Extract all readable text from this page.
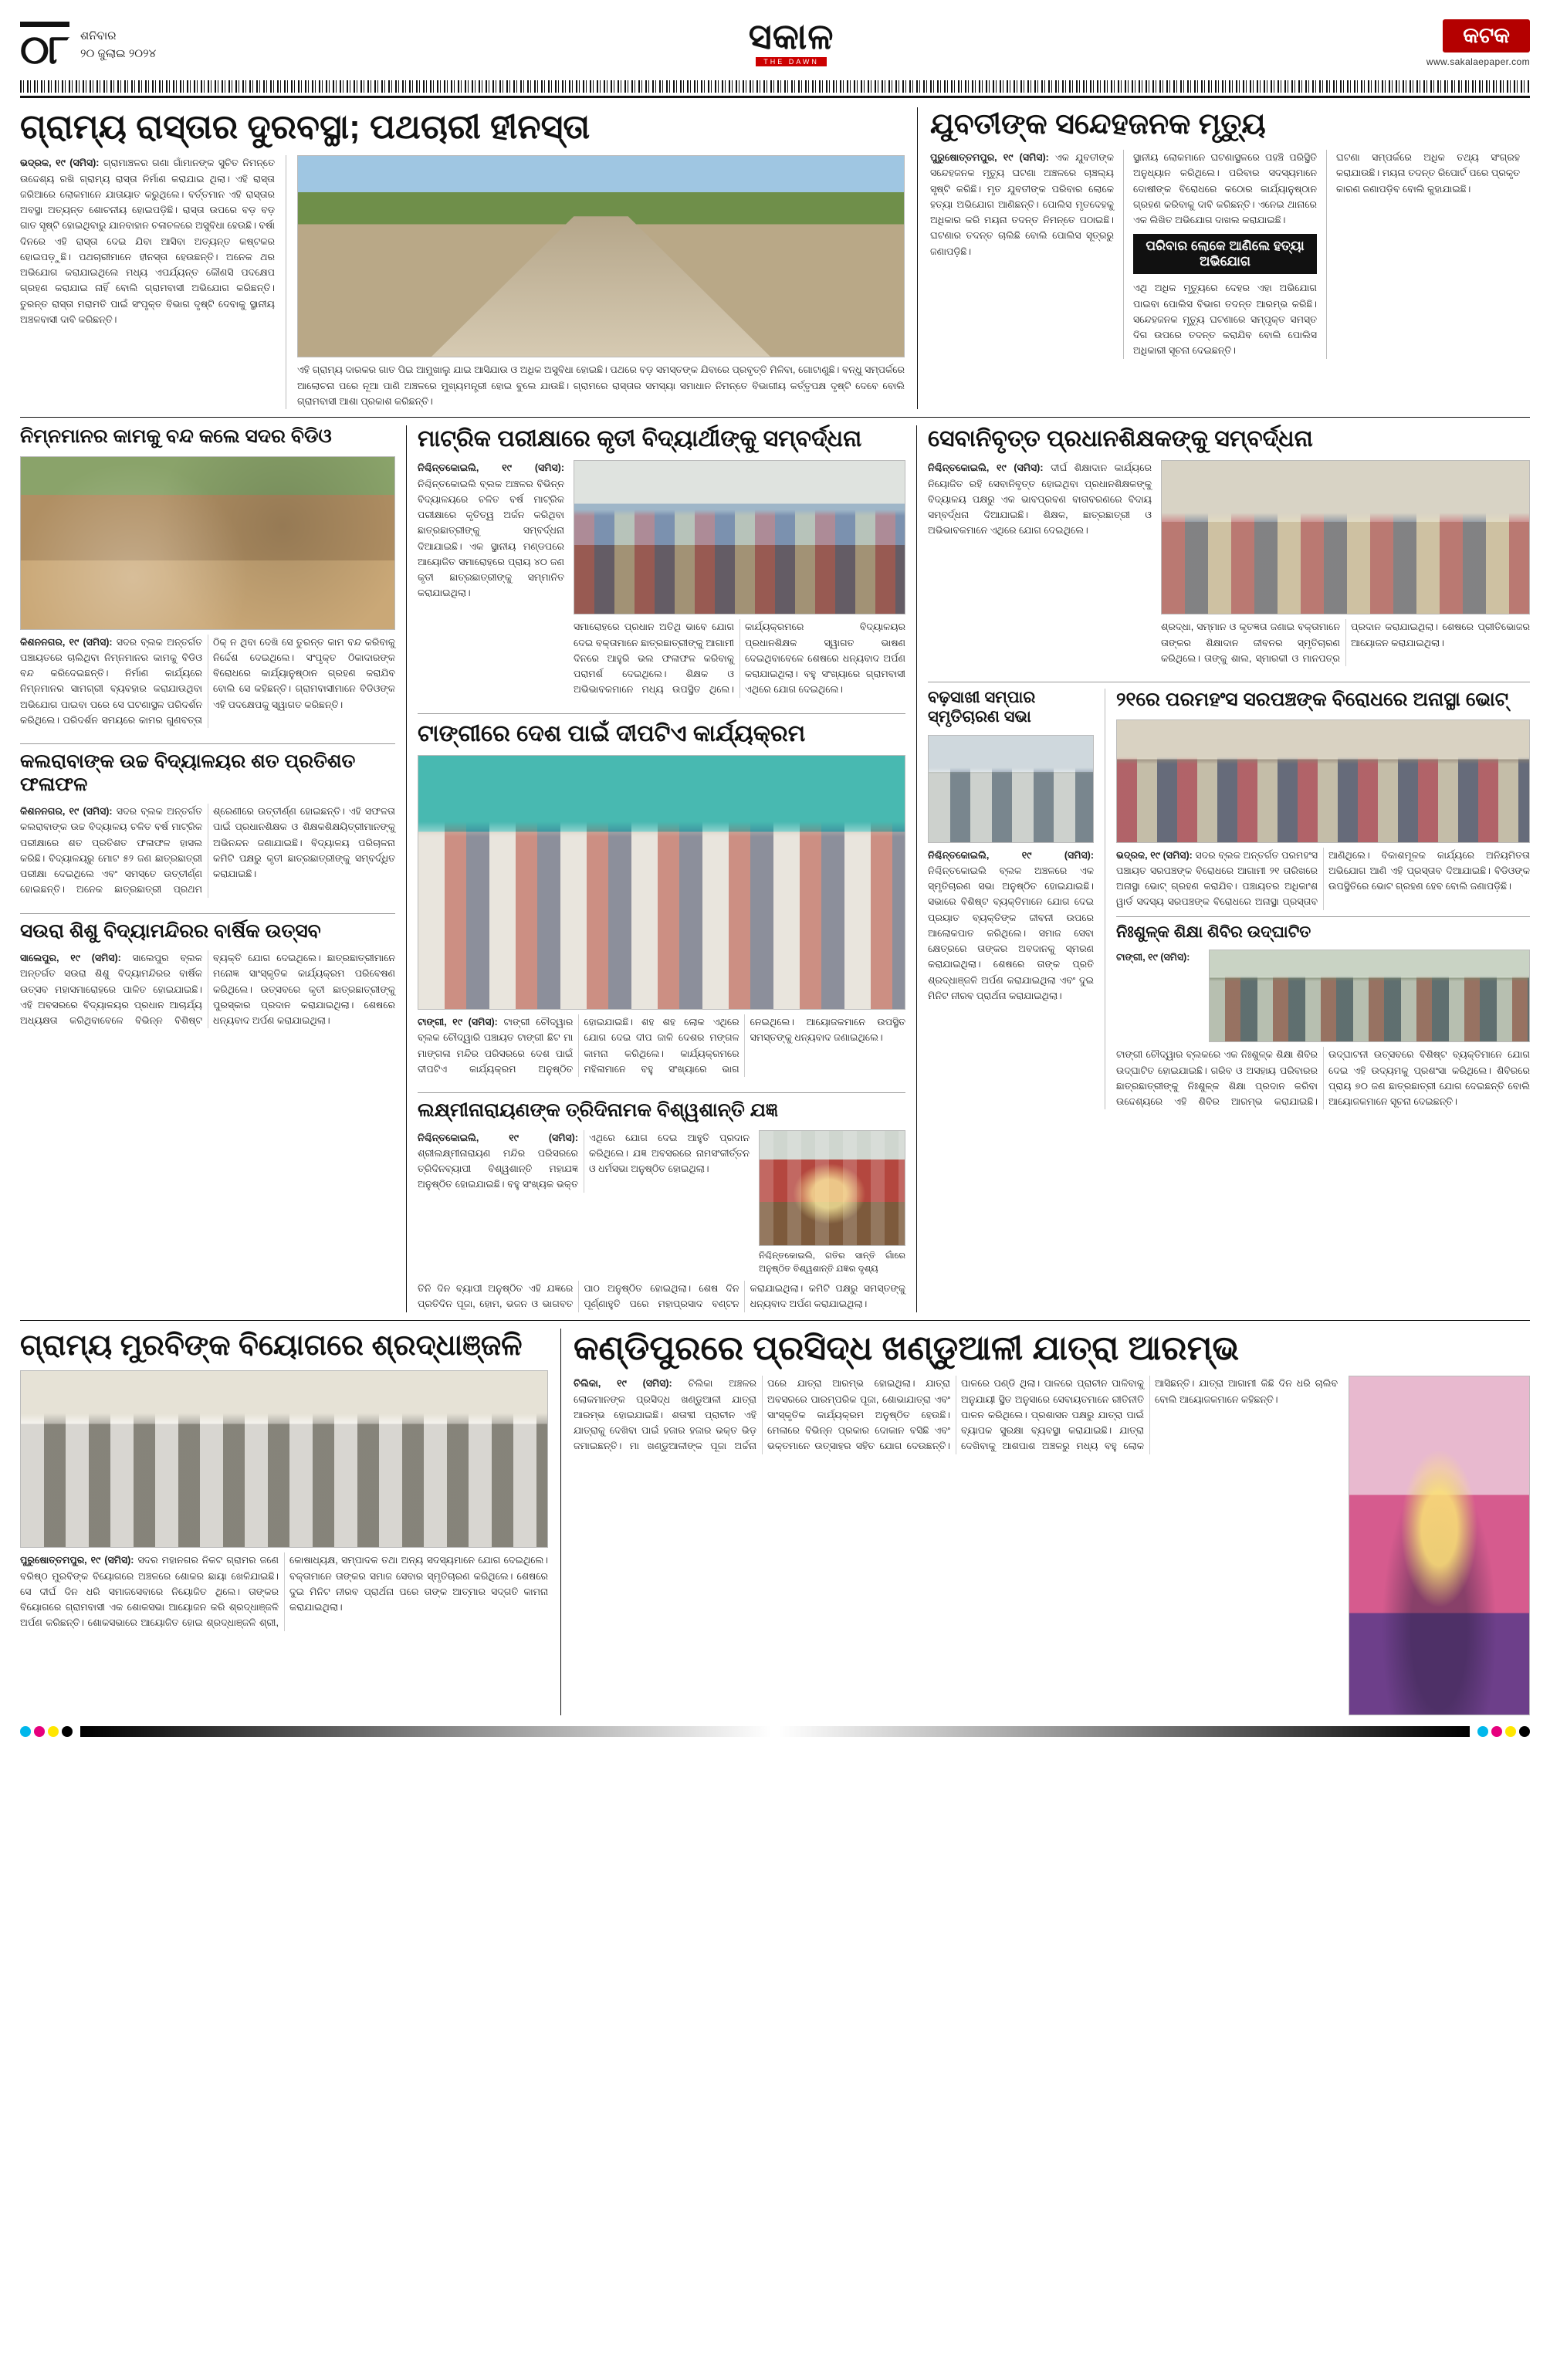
୦୮ ଶନିବାର
୨୦ ଜୁଲାଇ ୨୦୨୪	ସକାଳ
THE DAWN
କଟକ
www.sakalaepaper.com
ଗ୍ରାମ୍ୟ ରାସ୍ତାର ଦୁରବସ୍ଥା; ପଥଚାରୀ ହୀନସ୍ତା
ଭଦ୍ରକ, ୧୯ (ସମିସ): ଗ୍ରାମାଞ୍ଚଳର ଗଣା ଗାଁମାନଙ୍କ ସୁଚିତ ନିମନ୍ତେ ଉଦ୍ଦେଶ୍ୟ ରଖି ଗ୍ରାମ୍ୟ ରାସ୍ତା ନିର୍ମାଣ କରାଯାଇ ଥିଲା। ଏହି ରାସ୍ତା ଜରିଆରେ ଲୋକମାନେ ଯାତାୟାତ କରୁଥିଲେ। ବର୍ତ୍ତମାନ ଏହି ରାସ୍ତାର ଅବସ୍ଥା ଅତ୍ୟନ୍ତ ଶୋଚନୀୟ ହୋଇପଡ଼ିଛି। ରାସ୍ତା ଉପରେ ବଡ଼ ବଡ଼ ଗାତ ସୃଷ୍ଟି ହୋଇଥିବାରୁ ଯାନବାହାନ ଚଳାଚଳରେ ଅସୁବିଧା ହେଉଛି। ବର୍ଷା ଦିନରେ ଏହି ରାସ୍ତା ଦେଇ ଯିବା ଆସିବା ଅତ୍ୟନ୍ତ କଷ୍ଟକର ହୋଇପଡ଼ୁଛି। ପଥଚାରୀମାନେ ହୀନସ୍ତା ହେଉଛନ୍ତି। ଅନେକ ଥର ଅଭିଯୋଗ କରାଯାଇଥିଲେ ମଧ୍ୟ ଏପର୍ଯ୍ୟନ୍ତ କୌଣସି ପଦକ୍ଷେପ ଗ୍ରହଣ କରାଯାଇ ନାହିଁ ବୋଲି ଗ୍ରାମବାସୀ ଅଭିଯୋଗ କରିଛନ୍ତି। ତୁରନ୍ତ ରାସ୍ତା ମରାମତି ପାଇଁ ସଂପୃକ୍ତ ବିଭାଗ ଦୃଷ୍ଟି ଦେବାକୁ ସ୍ଥାନୀୟ ଅଞ୍ଚଳବାସୀ ଦାବି କରିଛନ୍ତି।
ଏହି ଗ୍ରାମ୍ୟ ଦାରକର ଗାତ ପିଇ ଆମୁଖାଲୁ ଯାଇ ଆସିଯାଉ ଓ ଅଧିକ ଅସୁବିଧା ହୋଇଛି। ପଥରେ ବଡ଼ ସମସ୍ତଙ୍କ ଯିବାରେ ପ୍ରବୃତ୍ତି ମିଳିବା, ଗୋଟାଣୁଛି। ବନ୍ଧୁ ସମ୍ପର୍କରେ ଆଲୋଚନା ପରେ ନୂଆ ପାଣି ଅଞ୍ଚଳରେ ମୁଖ୍ୟମନ୍ତ୍ରୀ ହୋଇ ବୁଲେ ଯାଉଛି। ଗ୍ରାମରେ ରାସ୍ତାର ସମସ୍ୟା ସମାଧାନ ନିମନ୍ତେ ବିଭାଗୀୟ କର୍ତ୍ତୃପକ୍ଷ ଦୃଷ୍ଟି ଦେବେ ବୋଲି ଗ୍ରାମବାସୀ ଆଶା ପ୍ରକାଶ କରିଛନ୍ତି।
ଯୁବତୀଙ୍କ ସନ୍ଦେହଜନକ ମୃତ୍ୟୁ
ପୁରୁଷୋତ୍ତମପୁର, ୧୯ (ସମିସ): ଏକ ଯୁବତୀଙ୍କ ସନ୍ଦେହଜନକ ମୃତ୍ୟୁ ଘଟଣା ଅଞ୍ଚଳରେ ଚାଞ୍ଚଲ୍ୟ ସୃଷ୍ଟି କରିଛି। ମୃତ ଯୁବତୀଙ୍କ ପରିବାର ଲୋକେ ହତ୍ୟା ଅଭିଯୋଗ ଆଣିଛନ୍ତି। ପୋଲିସ ମୃତଦେହକୁ ଅଧିକାର କରି ମୟନା ତଦନ୍ତ ନିମନ୍ତେ ପଠାଇଛି। ଘଟଣାର ତଦନ୍ତ ଚାଲିଛି ବୋଲି ପୋଲିସ ସୂତ୍ରରୁ ଜଣାପଡ଼ିଛି।
ସ୍ଥାନୀୟ ଲୋକମାନେ ଘଟଣାସ୍ଥଳରେ ପହଞ୍ଚି ପରିସ୍ଥିତି ଅନୁଧ୍ୟାନ କରିଥିଲେ। ପରିବାର ସଦସ୍ୟମାନେ ଦୋଷୀଙ୍କ ବିରୋଧରେ କଠୋର କାର୍ଯ୍ୟାନୁଷ୍ଠାନ ଗ୍ରହଣ କରିବାକୁ ଦାବି କରିଛନ୍ତି। ଏନେଇ ଥାନାରେ ଏକ ଲିଖିତ ଅଭିଯୋଗ ଦାଖଲ କରାଯାଇଛି।
ପରିବାର ଲୋକେ ଆଣିଲେ ହତ୍ୟା ଅଭିଯୋଗ
ଏଥି ଅଧିକ ମୃତ୍ୟୁରେ ଦେହର ଏହା ଅଭିଯୋଗ ପାଇବା ପୋଲିସ ବିଭାଗ ତଦନ୍ତ ଆରମ୍ଭ କରିଛି। ସନ୍ଦେହଜନକ ମୃତ୍ୟୁ ଘଟଣାରେ ସମ୍ପୃକ୍ତ ସମସ୍ତ ଦିଗ ଉପରେ ତଦନ୍ତ କରାଯିବ ବୋଲି ପୋଲିସ ଅଧିକାରୀ ସୂଚନା ଦେଇଛନ୍ତି।
ଘଟଣା ସମ୍ପର୍କରେ ଅଧିକ ତଥ୍ୟ ସଂଗ୍ରହ କରାଯାଉଛି। ମୟନା ତଦନ୍ତ ରିପୋର୍ଟ ପରେ ପ୍ରକୃତ କାରଣ ଜଣାପଡ଼ିବ ବୋଲି କୁହାଯାଇଛି।
ନିମ୍ନମାନର କାମକୁ ବନ୍ଦ କଲେ ସଦର ବିଡିଓ
କିଶନନଗର, ୧୯ (ସମିସ): ସଦର ବ୍ଲକ ଅନ୍ତର୍ଗତ ପଞ୍ଚାୟତରେ ଚାଲିଥିବା ନିମ୍ନମାନର କାମକୁ ବିଡିଓ ବନ୍ଦ କରିଦେଇଛନ୍ତି। ନିର୍ମାଣ କାର୍ଯ୍ୟରେ ନିମ୍ନମାନର ସାମଗ୍ରୀ ବ୍ୟବହାର କରାଯାଉଥିବା ଅଭିଯୋଗ ପାଇବା ପରେ ସେ ଘଟଣାସ୍ଥଳ ପରିଦର୍ଶନ କରିଥିଲେ। ପରିଦର୍ଶନ ସମୟରେ କାମର ଗୁଣବତ୍ତା ଠିକ୍ ନ ଥିବା ଦେଖି ସେ ତୁରନ୍ତ କାମ ବନ୍ଦ କରିବାକୁ ନିର୍ଦ୍ଦେଶ ଦେଇଥିଲେ। ସଂପୃକ୍ତ ଠିକାଦାରଙ୍କ ବିରୋଧରେ କାର୍ଯ୍ୟାନୁଷ୍ଠାନ ଗ୍ରହଣ କରାଯିବ ବୋଲି ସେ କହିଛନ୍ତି। ଗ୍ରାମବାସୀମାନେ ବିଡିଓଙ୍କ ଏହି ପଦକ୍ଷେପକୁ ସ୍ୱାଗତ କରିଛନ୍ତି।
କଲରାବାଙ୍କ ଉଚ୍ଚ ବିଦ୍ୟାଳୟର ଶତ ପ୍ରତିଶତ ଫଳାଫଳ
କିଶନନଗର, ୧୯ (ସମିସ): ସଦର ବ୍ଲକ ଅନ୍ତର୍ଗତ କଲରାବାଙ୍କ ଉଚ୍ଚ ବିଦ୍ୟାଳୟ ଚଳିତ ବର୍ଷ ମାଟ୍ରିକ ପରୀକ୍ଷାରେ ଶତ ପ୍ରତିଶତ ଫଳାଫଳ ହାସଲ କରିଛି। ବିଦ୍ୟାଳୟରୁ ମୋଟ ୫୨ ଜଣ ଛାତ୍ରଛାତ୍ରୀ ପରୀକ୍ଷା ଦେଇଥିଲେ ଏବଂ ସମସ୍ତେ ଉତ୍ତୀର୍ଣ୍ଣ ହୋଇଛନ୍ତି। ଅନେକ ଛାତ୍ରଛାତ୍ରୀ ପ୍ରଥମ ଶ୍ରେଣୀରେ ଉତ୍ତୀର୍ଣ୍ଣ ହୋଇଛନ୍ତି। ଏହି ସଫଳତା ପାଇଁ ପ୍ରଧାନଶିକ୍ଷକ ଓ ଶିକ୍ଷକଶିକ୍ଷୟିତ୍ରୀମାନଙ୍କୁ ଅଭିନନ୍ଦନ ଜଣାଯାଇଛି। ବିଦ୍ୟାଳୟ ପରିଚାଳନା କମିଟି ପକ୍ଷରୁ କୃତୀ ଛାତ୍ରଛାତ୍ରୀଙ୍କୁ ସମ୍ବର୍ଦ୍ଧିତ କରାଯାଇଛି।
ସଉରା ଶିଶୁ ବିଦ୍ୟାମନ୍ଦିରର ବାର୍ଷିକ ଉତ୍ସବ
ସାଲେପୁର, ୧୯ (ସମିସ): ସାଲେପୁର ବ୍ଲକ ଅନ୍ତର୍ଗତ ସଉରା ଶିଶୁ ବିଦ୍ୟାମନ୍ଦିରର ବାର୍ଷିକ ଉତ୍ସବ ମହାସମାରୋହରେ ପାଳିତ ହୋଇଯାଇଛି। ଏହି ଅବସରରେ ବିଦ୍ୟାଳୟର ପ୍ରଧାନ ଆଚାର୍ଯ୍ୟ ଅଧ୍ୟକ୍ଷତା କରିଥିବାବେଳେ ବିଭିନ୍ନ ବିଶିଷ୍ଟ ବ୍ୟକ୍ତି ଯୋଗ ଦେଇଥିଲେ। ଛାତ୍ରଛାତ୍ରୀମାନେ ମନୋଜ୍ଞ ସାଂସ୍କୃତିକ କାର୍ଯ୍ୟକ୍ରମ ପରିବେଷଣ କରିଥିଲେ। ଉତ୍ସବରେ କୃତୀ ଛାତ୍ରଛାତ୍ରୀଙ୍କୁ ପୁରସ୍କାର ପ୍ରଦାନ କରାଯାଇଥିଲା। ଶେଷରେ ଧନ୍ୟବାଦ ଅର୍ପଣ କରାଯାଇଥିଲା।
ମାଟ୍ରିକ ପରୀକ୍ଷାରେ କୃତୀ ବିଦ୍ୟାର୍ଥୀଙ୍କୁ ସମ୍ବର୍ଦ୍ଧନା
ନିଶ୍ଚିନ୍ତକୋଇଲି, ୧୯ (ସମିସ): ନିଶ୍ଚିନ୍ତକୋଇଲି ବ୍ଲକ ଅଞ୍ଚଳର ବିଭିନ୍ନ ବିଦ୍ୟାଳୟରେ ଚଳିତ ବର୍ଷ ମାଟ୍ରିକ ପରୀକ୍ଷାରେ କୃତିତ୍ୱ ଅର୍ଜନ କରିଥିବା ଛାତ୍ରଛାତ୍ରୀଙ୍କୁ ସମ୍ବର୍ଦ୍ଧନା ଦିଆଯାଇଛି। ଏକ ସ୍ଥାନୀୟ ମଣ୍ଡପରେ ଆୟୋଜିତ ସମାରୋହରେ ପ୍ରାୟ ୪୦ ଜଣ କୃତୀ ଛାତ୍ରଛାତ୍ରୀଙ୍କୁ ସମ୍ମାନିତ କରାଯାଇଥିଲା।
ସମାରୋହରେ ପ୍ରଧାନ ଅତିଥି ଭାବେ ଯୋଗ ଦେଇ ବକ୍ତାମାନେ ଛାତ୍ରଛାତ୍ରୀଙ୍କୁ ଆଗାମୀ ଦିନରେ ଆହୁରି ଭଲ ଫଳାଫଳ କରିବାକୁ ପରାମର୍ଶ ଦେଇଥିଲେ। ଶିକ୍ଷକ ଓ ଅଭିଭାବକମାନେ ମଧ୍ୟ ଉପସ୍ଥିତ ଥିଲେ। କାର୍ଯ୍ୟକ୍ରମରେ ବିଦ୍ୟାଳୟର ପ୍ରଧାନଶିକ୍ଷକ ସ୍ୱାଗତ ଭାଷଣ ଦେଇଥିବାବେଳେ ଶେଷରେ ଧନ୍ୟବାଦ ଅର୍ପଣ କରାଯାଇଥିଲା। ବହୁ ସଂଖ୍ୟାରେ ଗ୍ରାମବାସୀ ଏଥିରେ ଯୋଗ ଦେଇଥିଲେ।
ଟାଙ୍ଗୀରେ ଦେଶ ପାଇଁ ଦୀପଟିଏ କାର୍ଯ୍ୟକ୍ରମ
ଟାଙ୍ଗୀ, ୧୯ (ସମିସ): ଟାଙ୍ଗୀ ଚୌଦ୍ୱାର ବ୍ଲକ ଚୌଦ୍ୱାରି ପଞ୍ଚାୟତ ଟାଙ୍ଗୀ ଛିଟ ମା ମାଙ୍ଗଳା ମନ୍ଦିର ପରିସରରେ ଦେଶ ପାଇଁ ଦୀପଟିଏ କାର୍ଯ୍ୟକ୍ରମ ଅନୁଷ୍ଠିତ ହୋଇଯାଇଛି। ଶହ ଶହ ଲୋକ ଏଥିରେ ଯୋଗ ଦେଇ ଦୀପ ଜାଳି ଦେଶର ମଙ୍ଗଳ କାମନା କରିଥିଲେ। କାର୍ଯ୍ୟକ୍ରମରେ ମହିଳାମାନେ ବହୁ ସଂଖ୍ୟାରେ ଭାଗ ନେଇଥିଲେ। ଆୟୋଜକମାନେ ଉପସ୍ଥିତ ସମସ୍ତଙ୍କୁ ଧନ୍ୟବାଦ ଜଣାଇଥିଲେ।
ଲକ୍ଷ୍ମୀନାରାୟଣଙ୍କ ତ୍ରିଦିନାମକ ବିଶ୍ୱଶାନ୍ତି ଯଜ୍ଞ
ନିଶ୍ଚିନ୍ତକୋଇଲି, ୧୯ (ସମିସ): ଶ୍ରୀଲକ୍ଷ୍ମୀନାରାୟଣ ମନ୍ଦିର ପରିସରରେ ତ୍ରିଦିନବ୍ୟାପୀ ବିଶ୍ୱଶାନ୍ତି ମହାଯଜ୍ଞ ଅନୁଷ୍ଠିତ ହୋଇଯାଇଛି। ବହୁ ସଂଖ୍ୟକ ଭକ୍ତ ଏଥିରେ ଯୋଗ ଦେଇ ଆହୁତି ପ୍ରଦାନ କରିଥିଲେ। ଯଜ୍ଞ ଅବସରରେ ନାମସଂକୀର୍ତ୍ତନ ଓ ଧର୍ମସଭା ଅନୁଷ୍ଠିତ ହୋଇଥିଲା।
ନିଶ୍ଚିନ୍ତକୋଇଲି, ଗତିର ସାନ୍ତି ଗାଁରେ ଅନୁଷ୍ଠିତ ବିଶ୍ୱଶାନ୍ତି ଯଜ୍ଞର ଦୃଶ୍ୟ
ତିନି ଦିନ ବ୍ୟାପୀ ଅନୁଷ୍ଠିତ ଏହି ଯଜ୍ଞରେ ପ୍ରତିଦିନ ପୂଜା, ହୋମ, ଭଜନ ଓ ଭାଗବତ ପାଠ ଅନୁଷ୍ଠିତ ହୋଇଥିଲା। ଶେଷ ଦିନ ପୂର୍ଣ୍ଣାହୁତି ପରେ ମହାପ୍ରସାଦ ବଣ୍ଟନ କରାଯାଇଥିଲା। କମିଟି ପକ୍ଷରୁ ସମସ୍ତଙ୍କୁ ଧନ୍ୟବାଦ ଅର୍ପଣ କରାଯାଇଥିଲା।
ସେବାନିବୃତ୍ତ ପ୍ରଧାନଶିକ୍ଷକଙ୍କୁ ସମ୍ବର୍ଦ୍ଧନା
ନିଶ୍ଚିନ୍ତକୋଇଲି, ୧୯ (ସମିସ): ଦୀର୍ଘ ଶିକ୍ଷାଦାନ କାର୍ଯ୍ୟରେ ନିୟୋଜିତ ରହି ସେବାନିବୃତ୍ତ ହୋଇଥିବା ପ୍ରଧାନଶିକ୍ଷକଙ୍କୁ ବିଦ୍ୟାଳୟ ପକ୍ଷରୁ ଏକ ଭାବପ୍ରବଣ ବାତାବରଣରେ ବିଦାୟ ସମ୍ବର୍ଦ୍ଧନା ଦିଆଯାଇଛି। ଶିକ୍ଷକ, ଛାତ୍ରଛାତ୍ରୀ ଓ ଅଭିଭାବକମାନେ ଏଥିରେ ଯୋଗ ଦେଇଥିଲେ।
ଶ୍ରଦ୍ଧା, ସମ୍ମାନ ଓ କୃତଜ୍ଞତା ଜଣାଇ ବକ୍ତାମାନେ ତାଙ୍କର ଶିକ୍ଷାଦାନ ଜୀବନର ସ୍ମୃତିଚାରଣ କରିଥିଲେ। ତାଙ୍କୁ ଶାଲ, ସ୍ମାରକୀ ଓ ମାନପତ୍ର ପ୍ରଦାନ କରାଯାଇଥିଲା। ଶେଷରେ ପ୍ରୀତିଭୋଜର ଆୟୋଜନ କରାଯାଇଥିଲା।
ବଢ଼ସାଖୀ ସମ୍ପାର ସ୍ମୃତିଚାରଣ ସଭା
ନିଶ୍ଚିନ୍ତକୋଇଲି, ୧୯ (ସମିସ): ନିଶ୍ଚିନ୍ତକୋଇଲି ବ୍ଲକ ଅଞ୍ଚଳରେ ଏକ ସ୍ମୃତିଚାରଣ ସଭା ଅନୁଷ୍ଠିତ ହୋଇଯାଇଛି। ସଭାରେ ବିଶିଷ୍ଟ ବ୍ୟକ୍ତିମାନେ ଯୋଗ ଦେଇ ପ୍ରୟାତ ବ୍ୟକ୍ତିଙ୍କ ଜୀବନୀ ଉପରେ ଆଲୋକପାତ କରିଥିଲେ। ସମାଜ ସେବା କ୍ଷେତ୍ରରେ ତାଙ୍କର ଅବଦାନକୁ ସ୍ମରଣ କରାଯାଇଥିଲା। ଶେଷରେ ତାଙ୍କ ପ୍ରତି ଶ୍ରଦ୍ଧାଞ୍ଜଳି ଅର୍ପଣ କରାଯାଇଥିଲା ଏବଂ ଦୁଇ ମିନିଟ ନୀରବ ପ୍ରାର୍ଥନା କରାଯାଇଥିଲା।
୨୧ରେ ପରମହଂସ ସରପଞ୍ଚଙ୍କ ବିରୋଧରେ ଅନାସ୍ଥା ଭୋଟ୍
ଭଦ୍ରକ, ୧୯ (ସମିସ): ସଦର ବ୍ଲକ ଅନ୍ତର୍ଗତ ପରମହଂସ ପଞ୍ଚାୟତ ସରପଞ୍ଚଙ୍କ ବିରୋଧରେ ଆଗାମୀ ୨୧ ତାରିଖରେ ଅନାସ୍ଥା ଭୋଟ୍ ଗ୍ରହଣ କରାଯିବ। ପଞ୍ଚାୟତର ଅଧିକାଂଶ ୱାର୍ଡ ସଦସ୍ୟ ସରପଞ୍ଚଙ୍କ ବିରୋଧରେ ଅନାସ୍ଥା ପ୍ରସ୍ତାବ ଆଣିଥିଲେ। ବିକାଶମୂଳକ କାର୍ଯ୍ୟରେ ଅନିୟମିତତା ଅଭିଯୋଗ ଆଣି ଏହି ପ୍ରସ୍ତାବ ଦିଆଯାଇଛି। ବିଡିଓଙ୍କ ଉପସ୍ଥିତିରେ ଭୋଟ ଗ୍ରହଣ ହେବ ବୋଲି ଜଣାପଡ଼ିଛି।
ନିଃଶୁଳ୍କ ଶିକ୍ଷା ଶିବିର ଉଦ୍‌ଘାଟିତ
ଟାଙ୍ଗୀ, ୧୯ (ସମିସ):
ଟାଙ୍ଗୀ ଚୌଦ୍ୱାର ବ୍ଲକରେ ଏକ ନିଃଶୁଳ୍କ ଶିକ୍ଷା ଶିବିର ଉଦ୍‌ଘାଟିତ ହୋଇଯାଇଛି। ଗରିବ ଓ ଅସହାୟ ପରିବାରର ଛାତ୍ରଛାତ୍ରୀଙ୍କୁ ନିଃଶୁଳ୍କ ଶିକ୍ଷା ପ୍ରଦାନ କରିବା ଉଦ୍ଦେଶ୍ୟରେ ଏହି ଶିବିର ଆରମ୍ଭ କରାଯାଇଛି। ଉଦ୍‌ଘାଟନୀ ଉତ୍ସବରେ ବିଶିଷ୍ଟ ବ୍ୟକ୍ତିମାନେ ଯୋଗ ଦେଇ ଏହି ଉଦ୍ୟମକୁ ପ୍ରଶଂସା କରିଥିଲେ। ଶିବିରରେ ପ୍ରାୟ ୭୦ ଜଣ ଛାତ୍ରଛାତ୍ରୀ ଯୋଗ ଦେଇଛନ୍ତି ବୋଲି ଆୟୋଜକମାନେ ସୂଚନା ଦେଇଛନ୍ତି।
ଗ୍ରାମ୍ୟ ମୁରବିଙ୍କ ବିୟୋଗରେ ଶ୍ରଦ୍ଧାଞ୍ଜଳି
ପୁରୁଷୋତ୍ତମପୁର, ୧୯ (ସମିସ): ସଦର ମହାନଗର ନିକଟ ଗ୍ରାମର ଜଣେ ବରିଷ୍ଠ ମୁରବିଙ୍କ ବିୟୋଗରେ ଅଞ୍ଚଳରେ ଶୋକର ଛାୟା ଖେଳିଯାଇଛି। ସେ ଦୀର୍ଘ ଦିନ ଧରି ସମାଜସେବାରେ ନିୟୋଜିତ ଥିଲେ। ତାଙ୍କର ବିୟୋଗରେ ଗ୍ରାମବାସୀ ଏକ ଶୋକସଭା ଆୟୋଜନ କରି ଶ୍ରଦ୍ଧାଞ୍ଜଳି ଅର୍ପଣ କରିଛନ୍ତି। ଶୋକସଭାରେ ଆୟୋଜିତ ହୋଇ ଶ୍ରଦ୍ଧାଞ୍ଜଳି ଶ୍ରୀ, କୋଷାଧ୍ୟକ୍ଷ, ସମ୍ପାଦକ ତଥା ଅନ୍ୟ ସଦସ୍ୟମାନେ ଯୋଗ ଦେଇଥିଲେ। ବକ୍ତାମାନେ ତାଙ୍କର ସମାଜ ସେବାର ସ୍ମୃତିଚାରଣ କରିଥିଲେ। ଶେଷରେ ଦୁଇ ମିନିଟ ନୀରବ ପ୍ରାର୍ଥନା ପରେ ତାଙ୍କ ଆତ୍ମାର ସଦ୍‌ଗତି କାମନା କରାଯାଇଥିଲା।
କଣ୍ଡିପୁରରେ ପ୍ରସିଦ୍ଧ ଖଣ୍ଡୁଆଳୀ ଯାତ୍ରା ଆରମ୍ଭ
ଚିଲିକା, ୧୯ (ସମିସ): ଚିଲିକା ଅଞ୍ଚଳର ଲୋକମାନଙ୍କ ପ୍ରସିଦ୍ଧ ଖଣ୍ଡୁଆଳୀ ଯାତ୍ରା ଆରମ୍ଭ ହୋଇଯାଇଛି। ଶତାବ୍ଦୀ ପ୍ରାଚୀନ ଏହି ଯାତ୍ରାକୁ ଦେଖିବା ପାଇଁ ହଜାର ହଜାର ଭକ୍ତ ଭିଡ଼ ଜମାଇଛନ୍ତି। ମା ଖଣ୍ଡୁଆଳୀଙ୍କ ପୂଜା ଅର୍ଚ୍ଚନା ପରେ ଯାତ୍ରା ଆରମ୍ଭ ହୋଇଥିଲା। ଯାତ୍ରା ଅବସରରେ ପାରମ୍ପରିକ ପୂଜା, ଶୋଭାଯାତ୍ରା ଏବଂ ସାଂସ୍କୃତିକ କାର୍ଯ୍ୟକ୍ରମ ଅନୁଷ୍ଠିତ ହେଉଛି। ମେଳାରେ ବିଭିନ୍ନ ପ୍ରକାର ଦୋକାନ ବସିଛି ଏବଂ ଭକ୍ତମାନେ ଉତ୍ସାହର ସହିତ ଯୋଗ ଦେଉଛନ୍ତି। ପାଳରେ ପଣ୍ଡି ଥିଲା। ପାଳରେ ପ୍ରାଚୀନ ପାଳିବାକୁ ଅନୁଯାୟୀ ସ୍ଥିତ ଅନୁସାରେ ସେବାୟତମାନେ ରୀତିନୀତି ପାଳନ କରିଥିଲେ। ପ୍ରଶାସନ ପକ୍ଷରୁ ଯାତ୍ରା ପାଇଁ ବ୍ୟାପକ ସୁରକ୍ଷା ବ୍ୟବସ୍ଥା କରାଯାଇଛି। ଯାତ୍ରା ଦେଖିବାକୁ ଆଶପାଶ ଅଞ୍ଚଳରୁ ମଧ୍ୟ ବହୁ ଲୋକ ଆସିଛନ୍ତି। ଯାତ୍ରା ଆଗାମୀ କିଛି ଦିନ ଧରି ଚାଲିବ ବୋଲି ଆୟୋଜକମାନେ କହିଛନ୍ତି।
